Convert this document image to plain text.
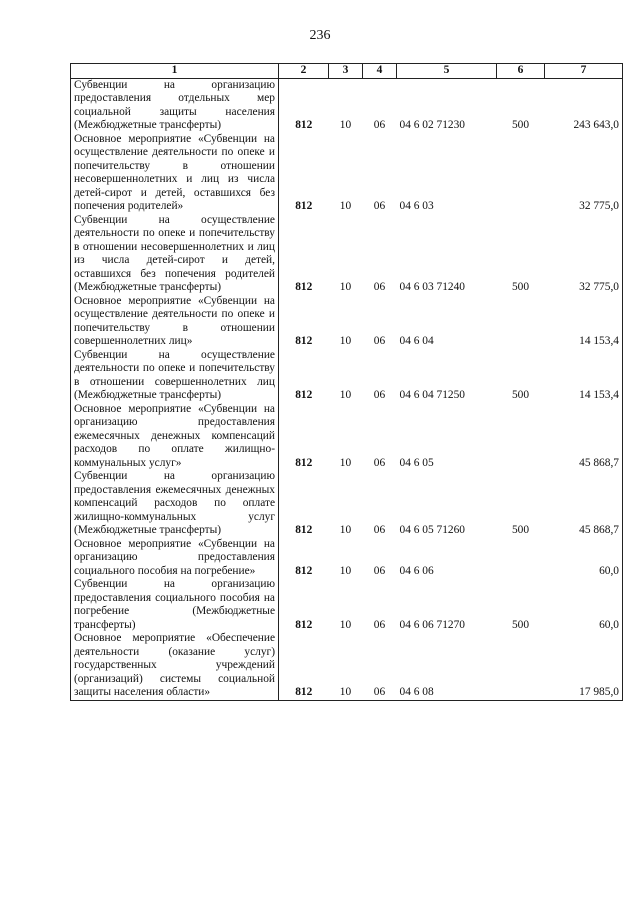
236
1	2	3	4	5	6	7
Субвенции на организацию предоставления отдельных мер социальной защиты населения (Межбюджетные трансферты)	812	10	06	04 6 02 71230	500	243 643,0
Основное мероприятие «Субвенции на осуществление деятельности по опеке и попечительству в отношении несовершеннолетних и лиц из числа детей-сирот и детей, оставшихся без попечения родителей»	812	10	06	04 6 03		32 775,0
Субвенции на осуществление деятельности по опеке и попечительству в отношении несовершеннолетних и лиц из числа детей-сирот и детей, оставшихся без попечения родителей (Межбюджетные трансферты)	812	10	06	04 6 03 71240	500	32 775,0
Основное мероприятие «Субвенции на осуществление деятельности по опеке и попечительству в отношении совершеннолетних лиц»	812	10	06	04 6 04		14 153,4
Субвенции на осуществление деятельности по опеке и попечительству в отношении совершеннолетних лиц (Межбюджетные трансферты)	812	10	06	04 6 04 71250	500	14 153,4
Основное мероприятие «Субвенции на организацию предоставления ежемесячных денежных компенсаций расходов по оплате жилищно-коммунальных услуг»	812	10	06	04 6 05		45 868,7
Субвенции на организацию предоставления ежемесячных денежных компенсаций расходов по оплате жилищно-коммунальных услуг (Межбюджетные трансферты)	812	10	06	04 6 05 71260	500	45 868,7
Основное мероприятие «Субвенции на организацию предоставления социального пособия на погребение»	812	10	06	04 6 06		60,0
Субвенции на организацию предоставления социального пособия на погребение (Межбюджетные трансферты)	812	10	06	04 6 06 71270	500	60,0
Основное мероприятие «Обеспечение деятельности (оказание услуг) государственных учреждений (организаций) системы социальной защиты населения области»	812	10	06	04 6 08		17 985,0
